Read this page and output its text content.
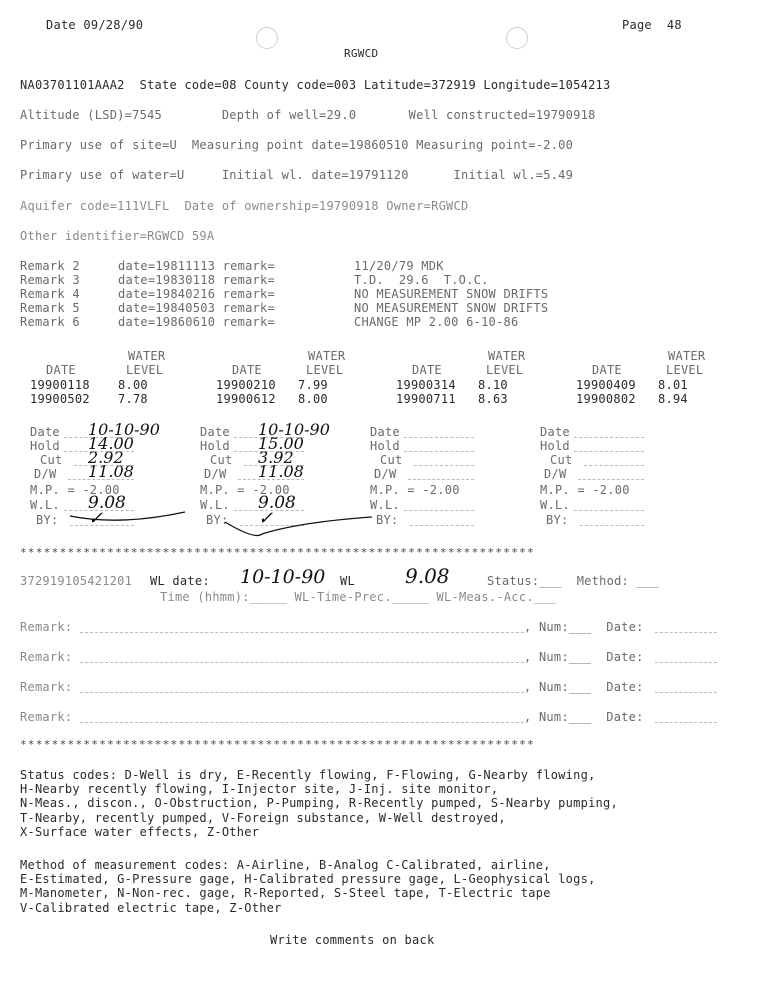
Date 09/28/90	Page  48
RGWCD
NA03701101AAA2  State code=08 County code=003 Latitude=372919 Longitude=1054213
Altitude (LSD)=7545        Depth of well=29.0       Well constructed=19790918
Primary use of site=U  Measuring point date=19860510 Measuring point=-2.00
Primary use of water=U     Initial wl. date=19791120      Initial wl.=5.49
Aquifer code=111VLFL  Date of ownership=19790918 Owner=RGWCD
Other identifier=RGWCD 59A
Remark 2	date=19811113 remark=	11/20/79 MDK
Remark 3	date=19830118 remark=	T.D.  29.6  T.O.C.
Remark 4	date=19840216 remark=	NO MEASUREMENT SNOW DRIFTS
Remark 5	date=19840503 remark=	NO MEASUREMENT SNOW DRIFTS
Remark 6	date=19860610 remark=	CHANGE MP 2.00 6-10-86
WATER
DATE	LEVEL
WATER
DATE	LEVEL
WATER
DATE	LEVEL
WATER
DATE	LEVEL
19900118 8.00	19900210 7.99	19900314 8.10	19900409 8.01
19900502 7.78	19900612 8.00	19900711 8.63	19900802 8.94
Date 10-10-90
Hold 14.00
Cut 2.92
D/W 11.08
M.P. = -2.00
W.L. 9.08
BY: ✓
Date 10-10-90
Hold 15.00
Cut 3.92
D/W 11.08
M.P. = -2.00
W.L. 9.08
BY: ✓
Date
Hold
Cut
D/W
M.P. = -2.00
W.L.
BY:
Date
Hold
Cut
D/W
M.P. = -2.00
W.L.
BY:
*****************************************************************
372919105421201 WL date: 10-10-90 WL	9.08	Status:___  Method: ___
Time (hhmm):_____ WL-Time-Prec._____ WL-Meas.-Acc.___
Remark:	, Num:___  Date:
Remark:	, Num:___  Date:
Remark:	, Num:___  Date:
Remark:	, Num:___  Date:
*****************************************************************
Status codes: D-Well is dry, E-Recently flowing, F-Flowing, G-Nearby flowing,
H-Nearby recently flowing, I-Injector site, J-Inj. site monitor,
N-Meas., discon., O-Obstruction, P-Pumping, R-Recently pumped, S-Nearby pumping,
T-Nearby, recently pumped, V-Foreign substance, W-Well destroyed,
X-Surface water effects, Z-Other
Method of measurement codes: A-Airline, B-Analog C-Calibrated, airline,
E-Estimated, G-Pressure gage, H-Calibrated pressure gage, L-Geophysical logs,
M-Manometer, N-Non-rec. gage, R-Reported, S-Steel tape, T-Electric tape
V-Calibrated electric tape, Z-Other
Write comments on back
